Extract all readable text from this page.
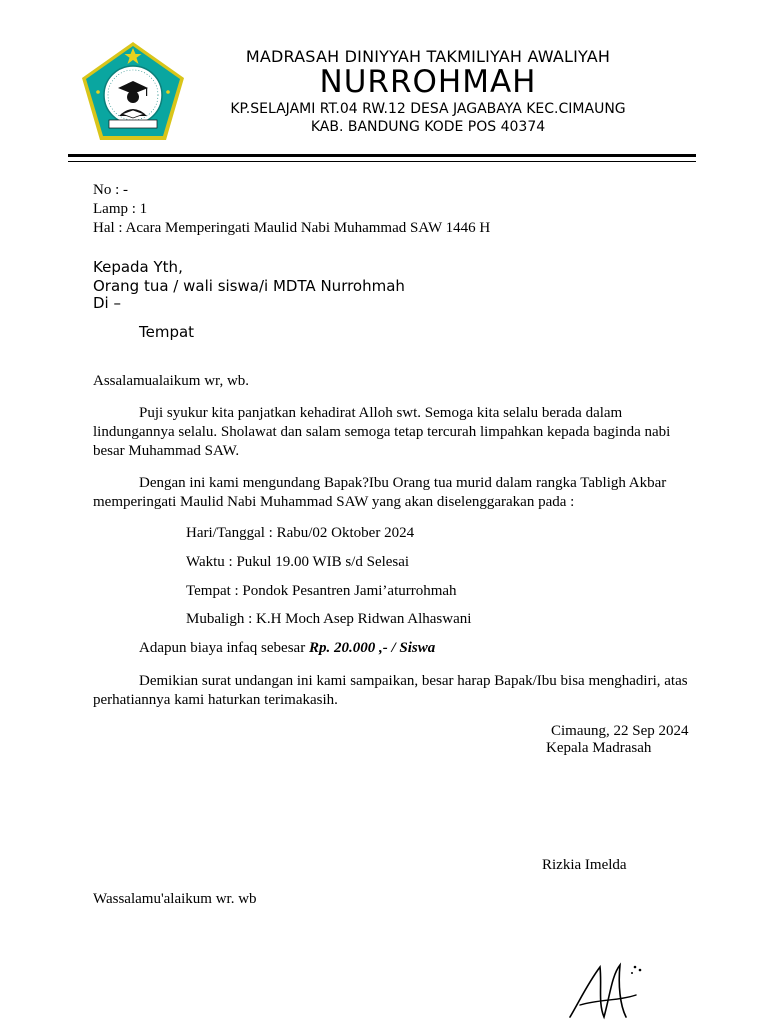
MADRASAH DINIYYAH TAKMILIYAH AWALIYAH
NURROHMAH
KP.SELAJAMI RT.04 RW.12 DESA JAGABAYA KEC.CIMAUNG
KAB. BANDUNG KODE POS 40374
No : -
Lamp : 1
Hal : Acara Memperingati Maulid Nabi Muhammad SAW 1446 H
Kepada Yth,
Orang tua / wali siswa/i MDTA Nurrohmah
Di –
Tempat
Assalamualaikum wr, wb.
Puji syukur kita panjatkan kehadirat Alloh swt. Semoga kita selalu berada dalam lindungannya selalu. Sholawat dan salam semoga tetap tercurah limpahkan kepada baginda nabi besar Muhammad SAW.
Dengan ini kami mengundang Bapak?Ibu Orang tua murid dalam rangka Tabligh Akbar memperingati Maulid Nabi Muhammad SAW yang akan diselenggarakan pada :
Hari/Tanggal : Rabu/02 Oktober 2024
Waktu : Pukul 19.00 WIB s/d Selesai
Tempat : Pondok Pesantren Jami’aturrohmah
Mubaligh : K.H Moch Asep Ridwan Alhaswani
Adapun biaya infaq sebesar Rp. 20.000 ,- / Siswa
Demikian surat undangan ini kami sampaikan, besar harap Bapak/Ibu bisa menghadiri, atas perhatiannya kami haturkan terimakasih.
Cimaung, 22 Sep 2024
Kepala Madrasah
Rizkia Imelda
Wassalamu'alaikum wr. wb
